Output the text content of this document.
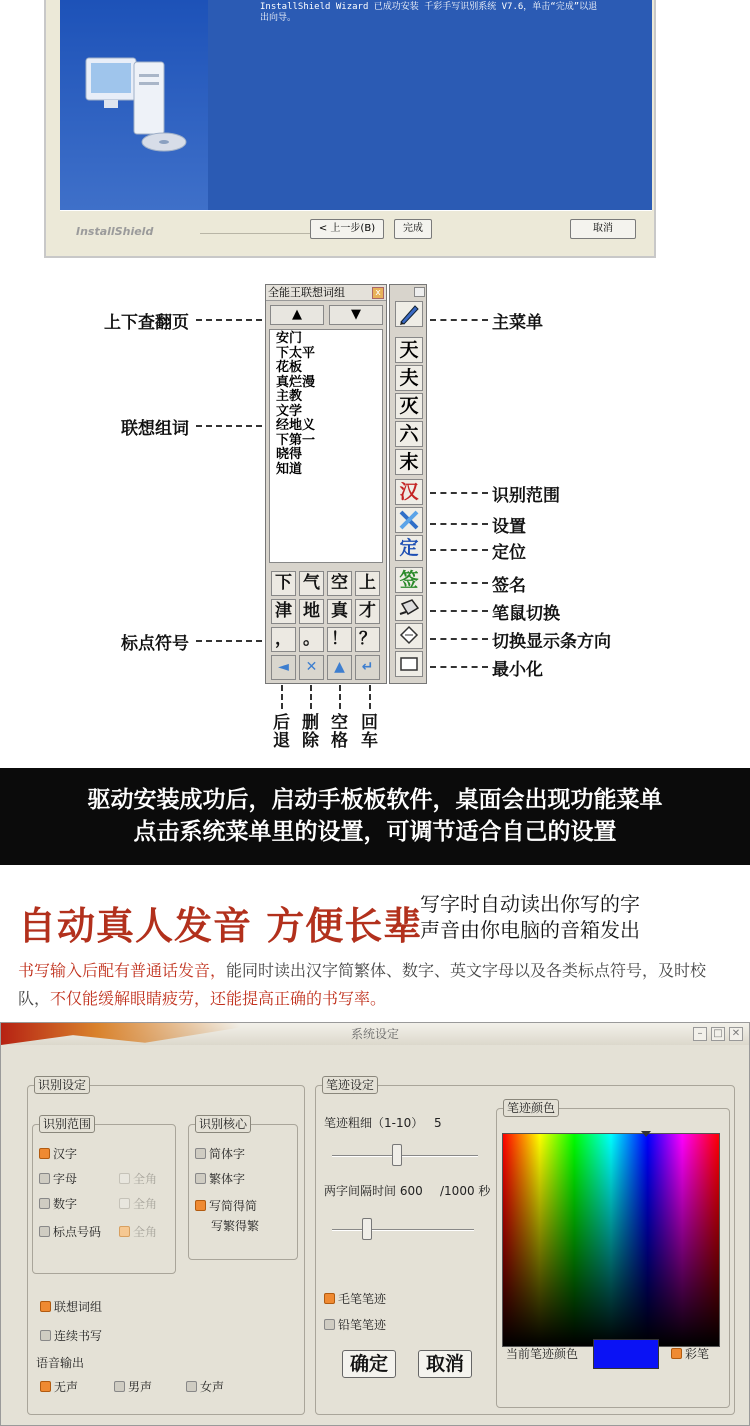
InstallShield Wizard 已成功安装 千彩手写识别系统 V7.6，单击“完成”以退
出向导。
InstallShield	< 上一步(B)	完成	取消
上下查翻页
联想组词
标点符号
主菜单
识别范围
设置
定位
签名
笔鼠切换
切换显示条方向
最小化
全能王联想词组	x
▲	▼
安门
下太平
花板
真烂漫
主教
文学
经地义
下第一
晓得
知道
下 气 空 上
津 地 真 才
， 。 ！ ？
◄	✕	▲	↵
天
夫
灭
六
末
汉
定
签
后退
删除
空格
回车
驱动安装成功后，启动手板板软件，桌面会出现功能菜单
点击系统菜单里的设置，可调节适合自己的设置
自动真人发音 方便长辈
写字时自动读出你写的字
声音由你电脑的音箱发出
书写输入后配有普通话发音，能同时读出汉字简繁体、数字、英文字母以及各类标点符号，及时校队，不仅能缓解眼睛疲劳，还能提高正确的书写率。
系统设定	–	□ ✕
识别设定
识别范围
汉字
字母	全角
数字	全角
标点号码	全角
识别核心
简体字
繁体字
写简得简
写繁得繁
联想词组
连续书写
语音输出
无声	男声	女声
笔迹设定
笔迹粗细（1-10） 5
两字间隔时间 600 /1000 秒
毛笔笔迹
铅笔笔迹
确定	取消
笔迹颜色
当前笔迹颜色	彩笔
